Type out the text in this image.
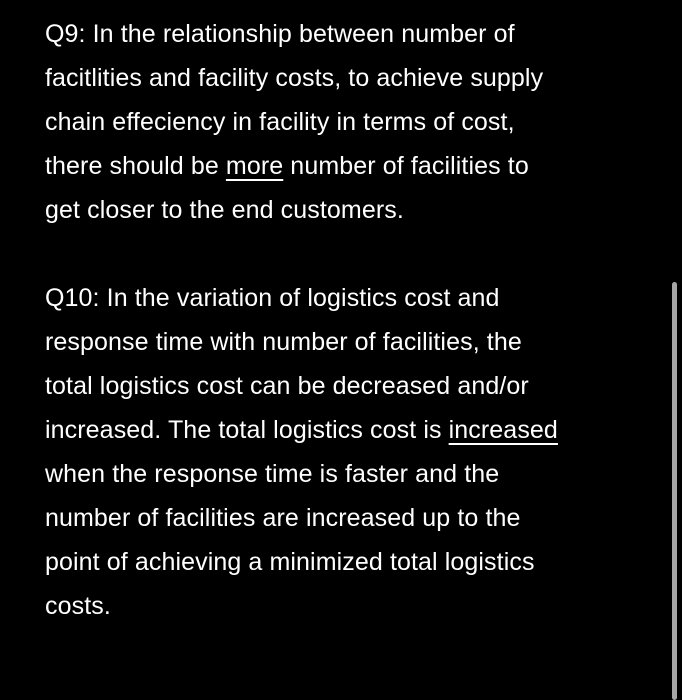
Q9: In the relationship between number of
facitlities and facility costs, to achieve supply
chain effeciency in facility in terms of cost,
there should be more number of facilities to
get closer to the end customers.
Q10: In the variation of logistics cost and
response time with number of facilities, the
total logistics cost can be decreased and/or
increased. The total logistics cost is increased
when the response time is faster and the
number of facilities are increased up to the
point of achieving a minimized total logistics
costs.
